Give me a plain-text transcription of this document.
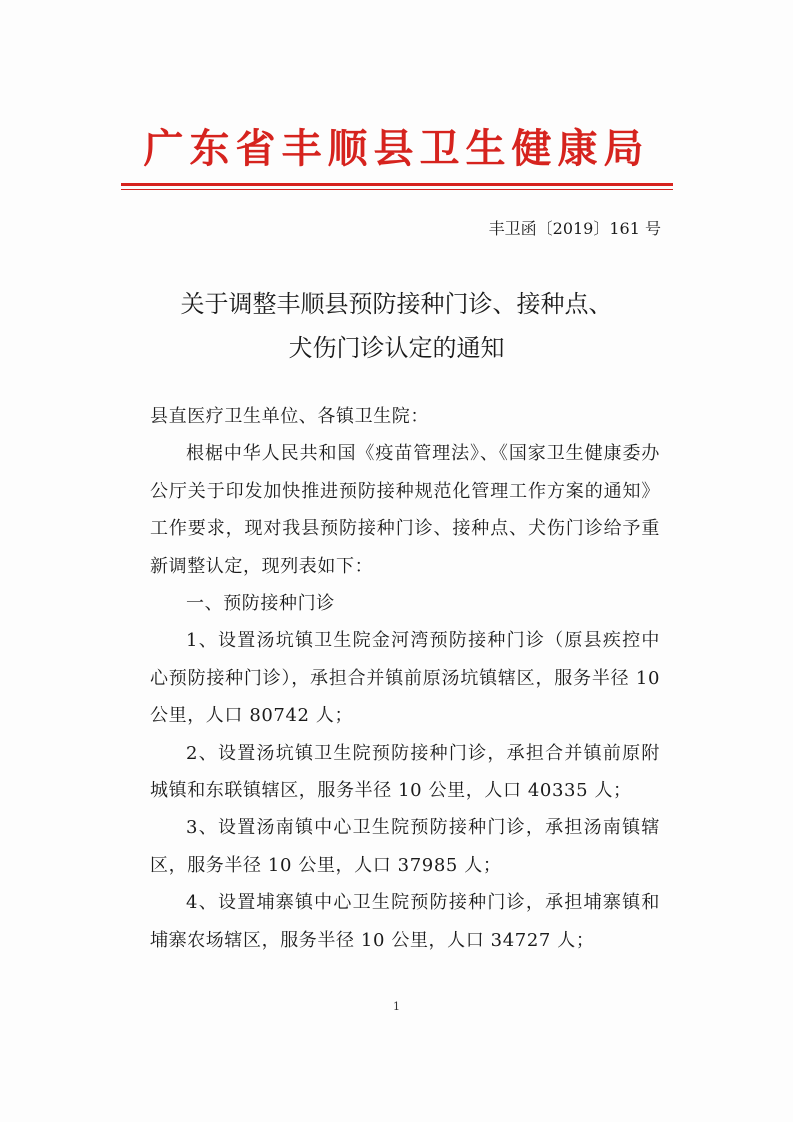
广东省丰顺县卫生健康局
丰卫函〔2019〕161 号
关于调整丰顺县预防接种门诊、接种点、
犬伤门诊认定的通知

县直医疗卫生单位、各镇卫生院：

根椐中华人民共和国《疫苗管理法》、《国家卫生健康委办公厅关于印发加快推进预防接种规范化管理工作方案的通知》工作要求，现对我县预防接种门诊、接种点、犬伤门诊给予重新调整认定，现列表如下：

一、预防接种门诊

1、设置汤坑镇卫生院金河湾预防接种门诊（原县疾控中心预防接种门诊），承担合并镇前原汤坑镇辖区，服务半径 10 公里，人口 80742 人；

2、设置汤坑镇卫生院预防接种门诊，承担合并镇前原附城镇和东联镇辖区，服务半径 10 公里，人口 40335 人；

3、设置汤南镇中心卫生院预防接种门诊，承担汤南镇辖区，服务半径 10 公里，人口 37985 人；

4、设置埔寨镇中心卫生院预防接种门诊，承担埔寨镇和埔寨农场辖区，服务半径 10 公里，人口 34727 人；

1
